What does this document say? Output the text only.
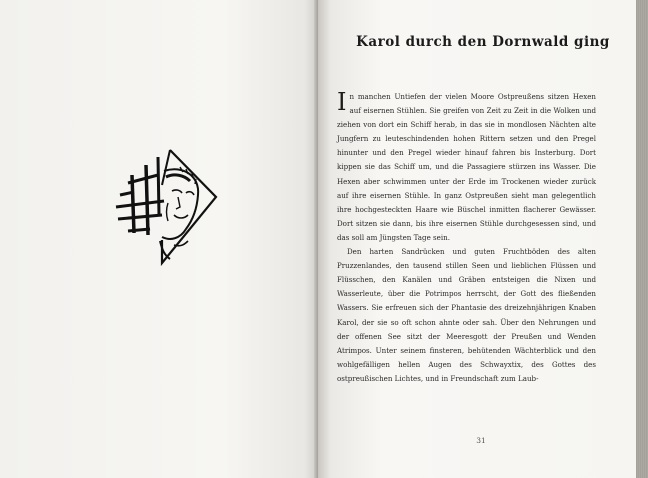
Karol durch den Dornwald ging

In manchen Untiefen der vielen Moore Ostpreußens sitzen Hexen auf eisernen Stühlen. Sie greifen von Zeit zu Zeit in die Wolken und ziehen von dort ein Schiff herab, in das sie in mondlosen Nächten alte Jungfern zu leuteschindenden hohen Rittern setzen und den Pregel hinunter und den Pregel wieder hinauf fahren bis Insterburg. Dort kippen sie das Schiff um, und die Passagiere stürzen ins Wasser. Die Hexen aber schwimmen unter der Erde im Trockenen wieder zurück auf ihre eisernen Stühle. In ganz Ostpreußen sieht man gelegentlich ihre hochgesteckten Haare wie Büschel inmitten flacherer Gewässer. Dort sitzen sie dann, bis ihre eisernen Stühle durchgesessen sind, und das soll am Jüngsten Tage sein.

Den harten Sandrücken und guten Fruchtböden des alten Pruzzenlandes, den tausend stillen Seen und lieblichen Flüssen und Flüsschen, den Kanälen und Gräben entsteigen die Nixen und Wasserleute, über die Potrimpos herrscht, der Gott des fließenden Wassers. Sie erfreuen sich der Phantasie des dreizehnjährigen Knaben Karol, der sie so oft schon ahnte oder sah. Über den Nehrungen und der offenen See sitzt der Meeresgott der Preußen und Wenden Atrimpos. Unter seinem finsteren, behütenden Wächterblick und den wohlgefälligen hellen Augen des Schwayxtix, des Gottes des ostpreußischen Lichtes, und in Freundschaft zum Laub-

31
